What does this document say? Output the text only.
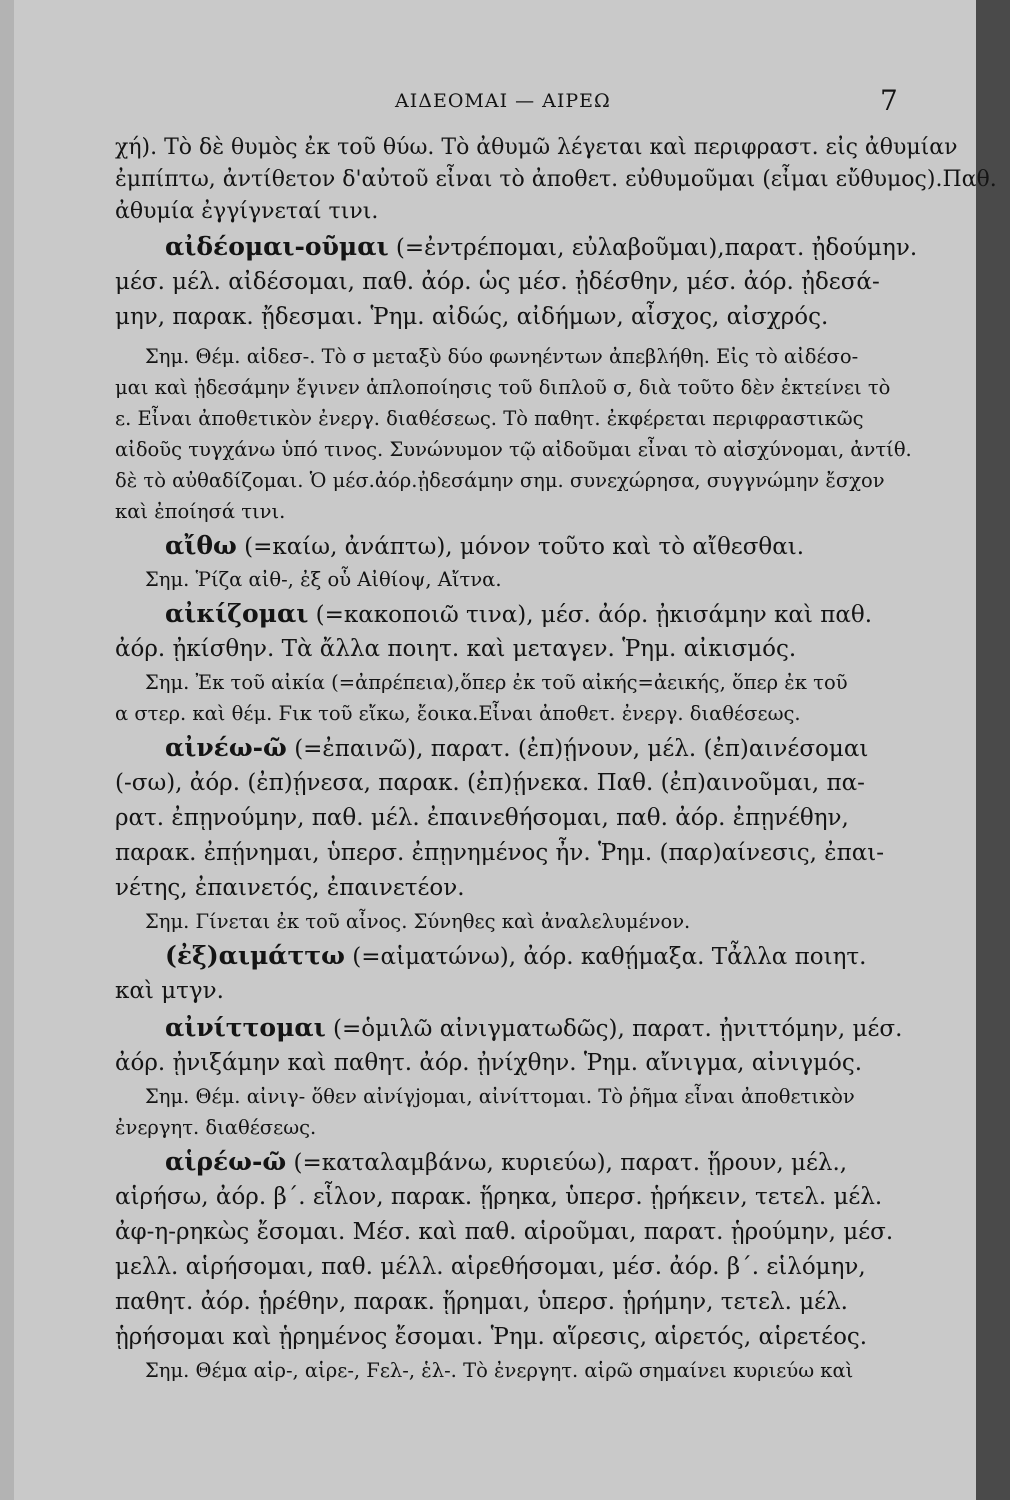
ΑΙΔΕΟΜΑΙ — ΑΙΡΕΩ	7
χή). Τὸ δὲ θυμὸς ἐκ τοῦ θύω. Τὸ ἀθυμῶ λέγεται καὶ περιφραστ. εἰς ἀθυμίαν
ἐμπίπτω, ἀντίθετον δ'αὐτοῦ εἶναι τὸ ἀποθετ. εὐθυμοῦμαι (εἶμαι εὔθυμος).Παθ.
ἀθυμία ἐγγίγνεταί τινι.
αἰδέομαι-οῦμαι (=ἐντρέπομαι, εὐλαβοῦμαι),παρατ. ᾐδούμην.
μέσ. μέλ. αἰδέσομαι, παθ. ἀόρ. ὡς μέσ. ᾐδέσθην, μέσ. ἀόρ. ᾐδεσά-
μην, παρακ. ᾔδεσμαι. Ῥημ. αἰδώς, αἰδήμων, αἶσχος, αἰσχρός.
Σημ. Θέμ. αἰδεσ-. Τὸ σ μεταξὺ δύο φωνηέντων ἀπεβλήθη. Εἰς τὸ αἰδέσο-
μαι καὶ ᾐδεσάμην ἔγινεν ἁπλοποίησις τοῦ διπλοῦ σ, διὰ τοῦτο δὲν ἐκτείνει τὸ
ε. Εἶναι ἀποθετικὸν ἐνεργ. διαθέσεως. Τὸ παθητ. ἐκφέρεται περιφραστικῶς
αἰδοῦς τυγχάνω ὑπό τινος. Συνώνυμον τῷ αἰδοῦμαι εἶναι τὸ αἰσχύνομαι, ἀντίθ.
δὲ τὸ αὐθαδίζομαι. Ὁ μέσ.ἀόρ.ᾐδεσάμην σημ. συνεχώρησα, συγγνώμην ἔσχον
καὶ ἐποίησά τινι.
αἴθω (=καίω, ἀνάπτω), μόνον τοῦτο καὶ τὸ αἴθεσθαι.
Σημ. Ῥίζα αἰθ-, ἐξ οὗ Αἰθίοψ, Αἴτνα.
αἰκίζομαι (=κακοποιῶ τινα), μέσ. ἀόρ. ᾐκισάμην καὶ παθ.
ἀόρ. ᾐκίσθην. Τὰ ἄλλα ποιητ. καὶ μεταγεν. Ῥημ. αἰκισμός.
Σημ. Ἐκ τοῦ αἰκία (=ἀπρέπεια),ὅπερ ἐκ τοῦ αἰκής=ἀεικής, ὅπερ ἐκ τοῦ
α στερ. καὶ θέμ. Ϝικ τοῦ εἴκω, ἔοικα.Εἶναι ἀποθετ. ἐνεργ. διαθέσεως.
αἰνέω-ῶ (=ἐπαινῶ), παρατ. (ἐπ)ῄνουν, μέλ. (ἐπ)αινέσομαι
(-σω), ἀόρ. (ἐπ)ῄνεσα, παρακ. (ἐπ)ῄνεκα. Παθ. (ἐπ)αινοῦμαι, πα-
ρατ. ἐπῃνούμην, παθ. μέλ. ἐπαινεθήσομαι, παθ. ἀόρ. ἐπῃνέθην,
παρακ. ἐπῄνημαι, ὑπερσ. ἐπῃνημένος ἦν. Ῥημ. (παρ)αίνεσις, ἐπαι-
νέτης, ἐπαινετός, ἐπαινετέον.
Σημ. Γίνεται ἐκ τοῦ αἶνος. Σύνηθες καὶ ἀναλελυμένον.
(ἐξ)αιμάττω (=αἱματώνω), ἀόρ. καθῄμαξα. Τἆλλα ποιητ.
καὶ μτγν.
αἰνίττομαι (=ὁμιλῶ αἰνιγματωδῶς), παρατ. ᾐνιττόμην, μέσ.
ἀόρ. ᾐνιξάμην καὶ παθητ. ἀόρ. ᾐνίχθην. Ῥημ. αἴνιγμα, αἰνιγμός.
Σημ. Θέμ. αἰνιγ- ὅθεν αἰνίγjομαι, αἰνίττομαι. Τὸ ῥῆμα εἶναι ἀποθετικὸν
ἐνεργητ. διαθέσεως.
αἱρέω-ῶ (=καταλαμβάνω, κυριεύω), παρατ. ᾕρουν, μέλ.,
αἱρήσω, ἀόρ. β΄. εἷλον, παρακ. ᾕρηκα, ὑπερσ. ᾑρήκειν, τετελ. μέλ.
ἀφ-η-ρηκὼς ἔσομαι. Μέσ. καὶ παθ. αἱροῦμαι, παρατ. ᾑρούμην, μέσ.
μελλ. αἱρήσομαι, παθ. μέλλ. αἱρεθήσομαι, μέσ. ἀόρ. β΄. εἱλόμην,
παθητ. ἀόρ. ᾑρέθην, παρακ. ᾕρημαι, ὑπερσ. ᾑρήμην, τετελ. μέλ.
ᾑρήσομαι καὶ ᾑρημένος ἔσομαι. Ῥημ. αἵρεσις, αἱρετός, αἱρετέος.
Σημ. Θέμα αἱρ-, αἱρε-, Ϝελ-, ἑλ-. Τὸ ἐνεργητ. αἱρῶ σημαίνει κυριεύω καὶ
